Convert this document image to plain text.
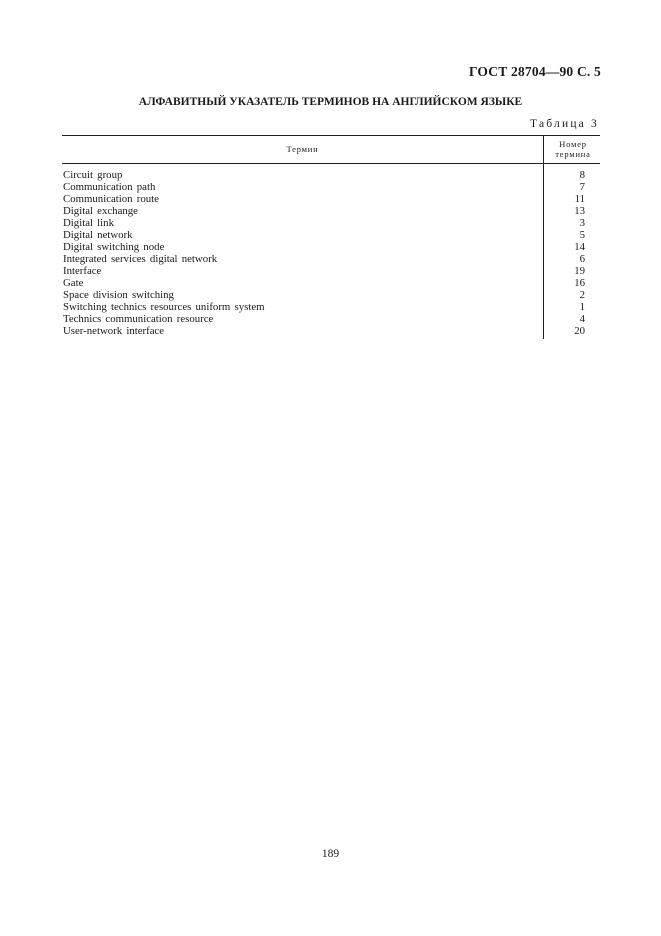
ГОСТ 28704—90 С. 5
АЛФАВИТНЫЙ УКАЗАТЕЛЬ ТЕРМИНОВ НА АНГЛИЙСКОМ ЯЗЫКЕ
Таблица 3
Термин	Номер
термина
Circuit group	8
Communication path	7
Communication route	11
Digital exchange	13
Digital link	3
Digital network	5
Digital switching node	14
Integrated services digital network	6
Interface	19
Gate	16
Space division switching	2
Switching technics resources uniform system	1
Technics communication resource	4
User-network interface	20
189
